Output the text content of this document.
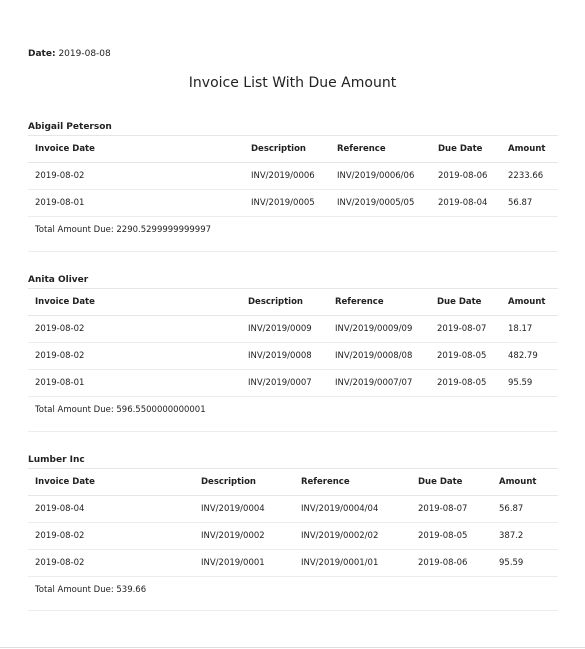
Date: 2019-08-08
Invoice List With Due Amount
Abigail Peterson
Invoice Date	Description	Reference	Due Date	Amount
2019-08-02	INV/2019/0006	INV/2019/0006/06	2019-08-06	2233.66
2019-08-01	INV/2019/0005	INV/2019/0005/05	2019-08-04	56.87
Total Amount Due: 2290.5299999999997				
Anita Oliver
Invoice Date	Description	Reference	Due Date	Amount
2019-08-02	INV/2019/0009	INV/2019/0009/09	2019-08-07	18.17
2019-08-02	INV/2019/0008	INV/2019/0008/08	2019-08-05	482.79
2019-08-01	INV/2019/0007	INV/2019/0007/07	2019-08-05	95.59
Total Amount Due: 596.5500000000001				
Lumber Inc
Invoice Date	Description	Reference	Due Date	Amount
2019-08-04	INV/2019/0004	INV/2019/0004/04	2019-08-07	56.87
2019-08-02	INV/2019/0002	INV/2019/0002/02	2019-08-05	387.2
2019-08-02	INV/2019/0001	INV/2019/0001/01	2019-08-06	95.59
Total Amount Due: 539.66				
